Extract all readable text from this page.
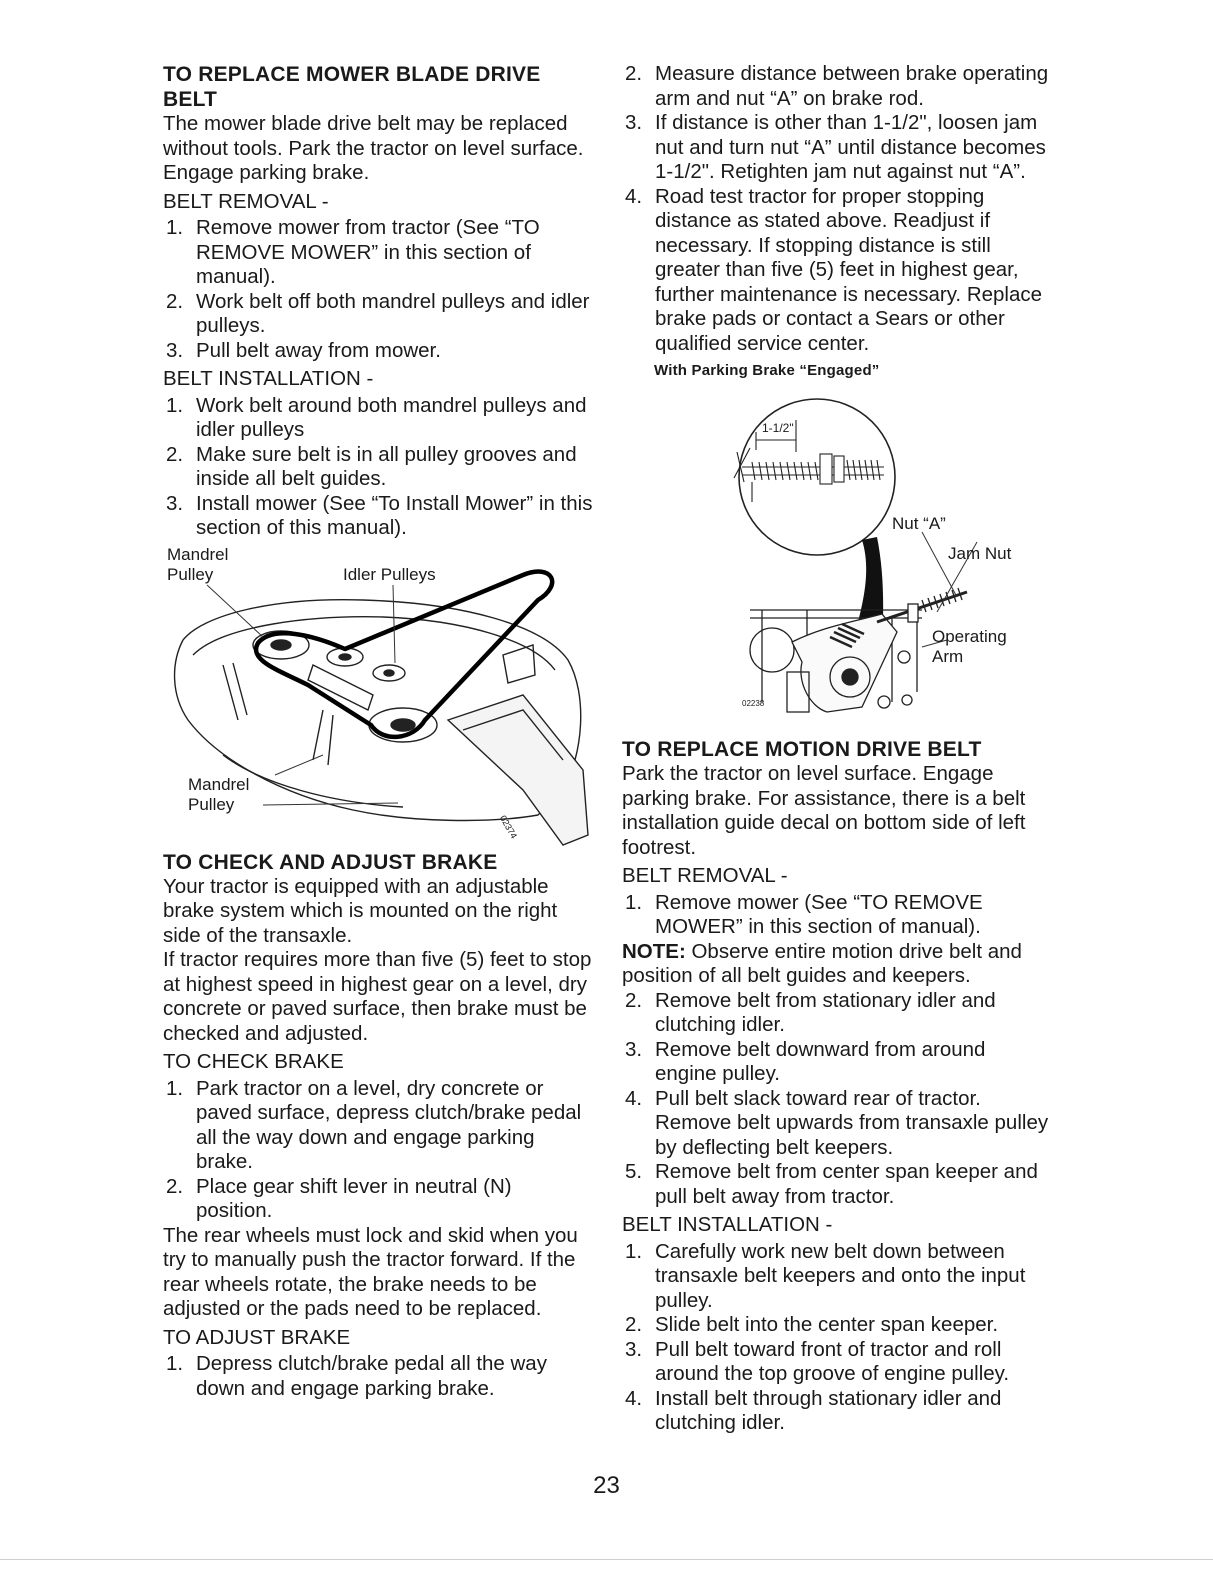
TO REPLACE MOWER BLADE DRIVE BELT

The mower blade drive belt may be replaced without tools. Park the tractor on level surface. Engage parking brake.

BELT REMOVAL -

1. Remove mower from tractor (See “TO REMOVE MOWER” in this section of manual).
2. Work belt off both mandrel pulleys and idler pulleys.
3. Pull belt away from mower.

BELT INSTALLATION -

1. Work belt around both mandrel pulleys and idler pulleys
2. Make sure belt is in all pulley grooves and inside all belt guides.
3. Install mower (See “To Install Mower” in this section of this manual).
Mandrel
Pulley	Idler Pulleys
Mandrel
Pulley
02374
TO CHECK AND ADJUST BRAKE

Your tractor is equipped with an adjustable brake system which is mounted on the right side of the transaxle.

If tractor requires more than five (5) feet to stop at highest speed in highest gear on a level, dry concrete or paved surface, then brake must be checked and adjusted.

TO CHECK BRAKE

1. Park tractor on a level, dry concrete or paved surface, depress clutch/brake pedal all the way down and engage parking brake.
2. Place gear shift lever in neutral (N) position.

The rear wheels must lock and skid when you try to manually push the tractor forward. If the rear wheels rotate, the brake needs to be adjusted or the pads need to be replaced.

TO ADJUST BRAKE

1. Depress clutch/brake pedal all the way down and engage parking brake.
2. Measure distance between brake operating arm and nut “A” on brake rod.
3. If distance is other than 1-1/2", loosen jam nut and turn nut “A” until distance becomes 1-1/2". Retighten jam nut against nut “A”.
4. Road test tractor for proper stopping distance as stated above. Readjust if necessary. If stopping distance is still greater than five (5) feet in highest gear, further maintenance is necessary. Replace brake pads or contact a Sears or other qualified service center.
With Parking Brake “Engaged”
1-1/2"
Nut “A”
Jam Nut
Operating
Arm
02238
TO REPLACE MOTION DRIVE BELT

Park the tractor on level surface. Engage parking brake. For assistance, there is a belt installation guide decal on bottom side of left footrest.

BELT REMOVAL -

1. Remove mower (See “TO REMOVE MOWER” in this section of manual).

NOTE: Observe entire motion drive belt and position of all belt guides and keepers.

2. Remove belt from stationary idler and clutching idler.
3. Remove belt downward from around engine pulley.
4. Pull belt slack toward rear of tractor. Remove belt upwards from transaxle pulley by deflecting belt keepers.
5. Remove belt from center span keeper and pull belt away from tractor.

BELT INSTALLATION -

1. Carefully work new belt down between transaxle belt keepers and onto the input pulley.
2. Slide belt into the center span keeper.
3. Pull belt toward front of tractor and roll around the top groove of engine pulley.
4. Install belt through stationary idler and clutching idler.
23
